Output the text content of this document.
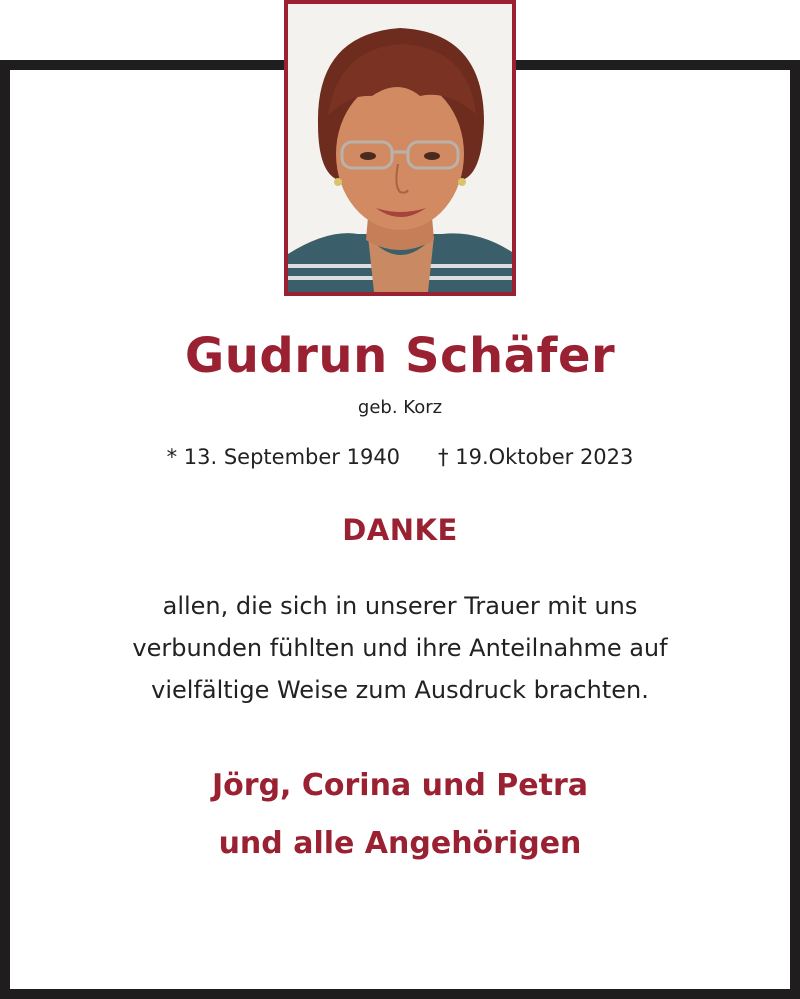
Gudrun Schäfer
geb. Korz
* 13. September 1940 † 19.Oktober 2023
DANKE
allen, die sich in unserer Trauer mit uns
verbunden fühlten und ihre Anteilnahme auf
vielfältige Weise zum Ausdruck brachten.
Jörg, Corina und Petra
und alle Angehörigen
